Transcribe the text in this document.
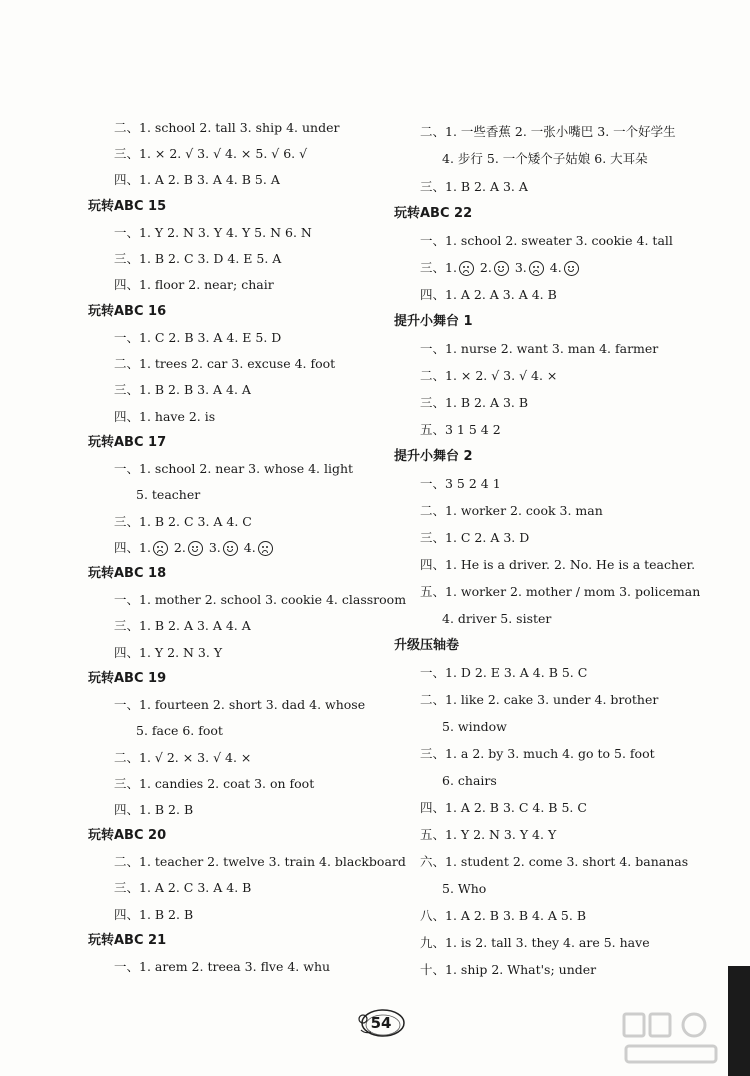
二、1. school 2. tall 3. ship 4. under
三、1. × 2. √ 3. √ 4. × 5. √ 6. √
四、1. A 2. B 3. A 4. B 5. A
玩转ABC 15
一、1. Y 2. N 3. Y 4. Y 5. N 6. N
三、1. B 2. C 3. D 4. E 5. A
四、1. floor 2. near; chair
玩转ABC 16
一、1. C 2. B 3. A 4. E 5. D
二、1. trees 2. car 3. excuse 4. foot
三、1. B 2. B 3. A 4. A
四、1. have 2. is
玩转ABC 17
一、1. school 2. near 3. whose 4. light
5. teacher
三、1. B 2. C 3. A 4. C
四、1.
2.
3.
4.
玩转ABC 18
一、1. mother 2. school 3. cookie 4. classroom
三、1. B 2. A 3. A 4. A
四、1. Y 2. N 3. Y
玩转ABC 19
一、1. fourteen 2. short 3. dad 4. whose
5. face 6. foot
二、1. √ 2. × 3. √ 4. ×
三、1. candies 2. coat 3. on foot
四、1. B 2. B
玩转ABC 20
二、1. teacher 2. twelve 3. train 4. blackboard
三、1. A 2. C 3. A 4. B
四、1. B 2. B
玩转ABC 21
一、1. arem 2. treea 3. flve 4. whu
二、1. 一些香蕉 2. 一张小嘴巴 3. 一个好学生
4. 步行 5. 一个矮个子姑娘 6. 大耳朵
三、1. B 2. A 3. A
玩转ABC 22
一、1. school 2. sweater 3. cookie 4. tall
三、1.
2.
3.
4.
四、1. A 2. A 3. A 4. B
提升小舞台 1
一、1. nurse 2. want 3. man 4. farmer
二、1. × 2. √ 3. √ 4. ×
三、1. B 2. A 3. B
五、3 1 5 4 2
提升小舞台 2
一、3 5 2 4 1
二、1. worker 2. cook 3. man
三、1. C 2. A 3. D
四、1. He is a driver. 2. No. He is a teacher.
五、1. worker 2. mother / mom 3. policeman
4. driver 5. sister
升级压轴卷
一、1. D 2. E 3. A 4. B 5. C
二、1. like 2. cake 3. under 4. brother
5. window
三、1. a 2. by 3. much 4. go to 5. foot
6. chairs
四、1. A 2. B 3. C 4. B 5. C
五、1. Y 2. N 3. Y 4. Y
六、1. student 2. come 3. short 4. bananas
5. Who
八、1. A 2. B 3. B 4. A 5. B
九、1. is 2. tall 3. they 4. are 5. have
十、1. ship 2. What's; under
54
